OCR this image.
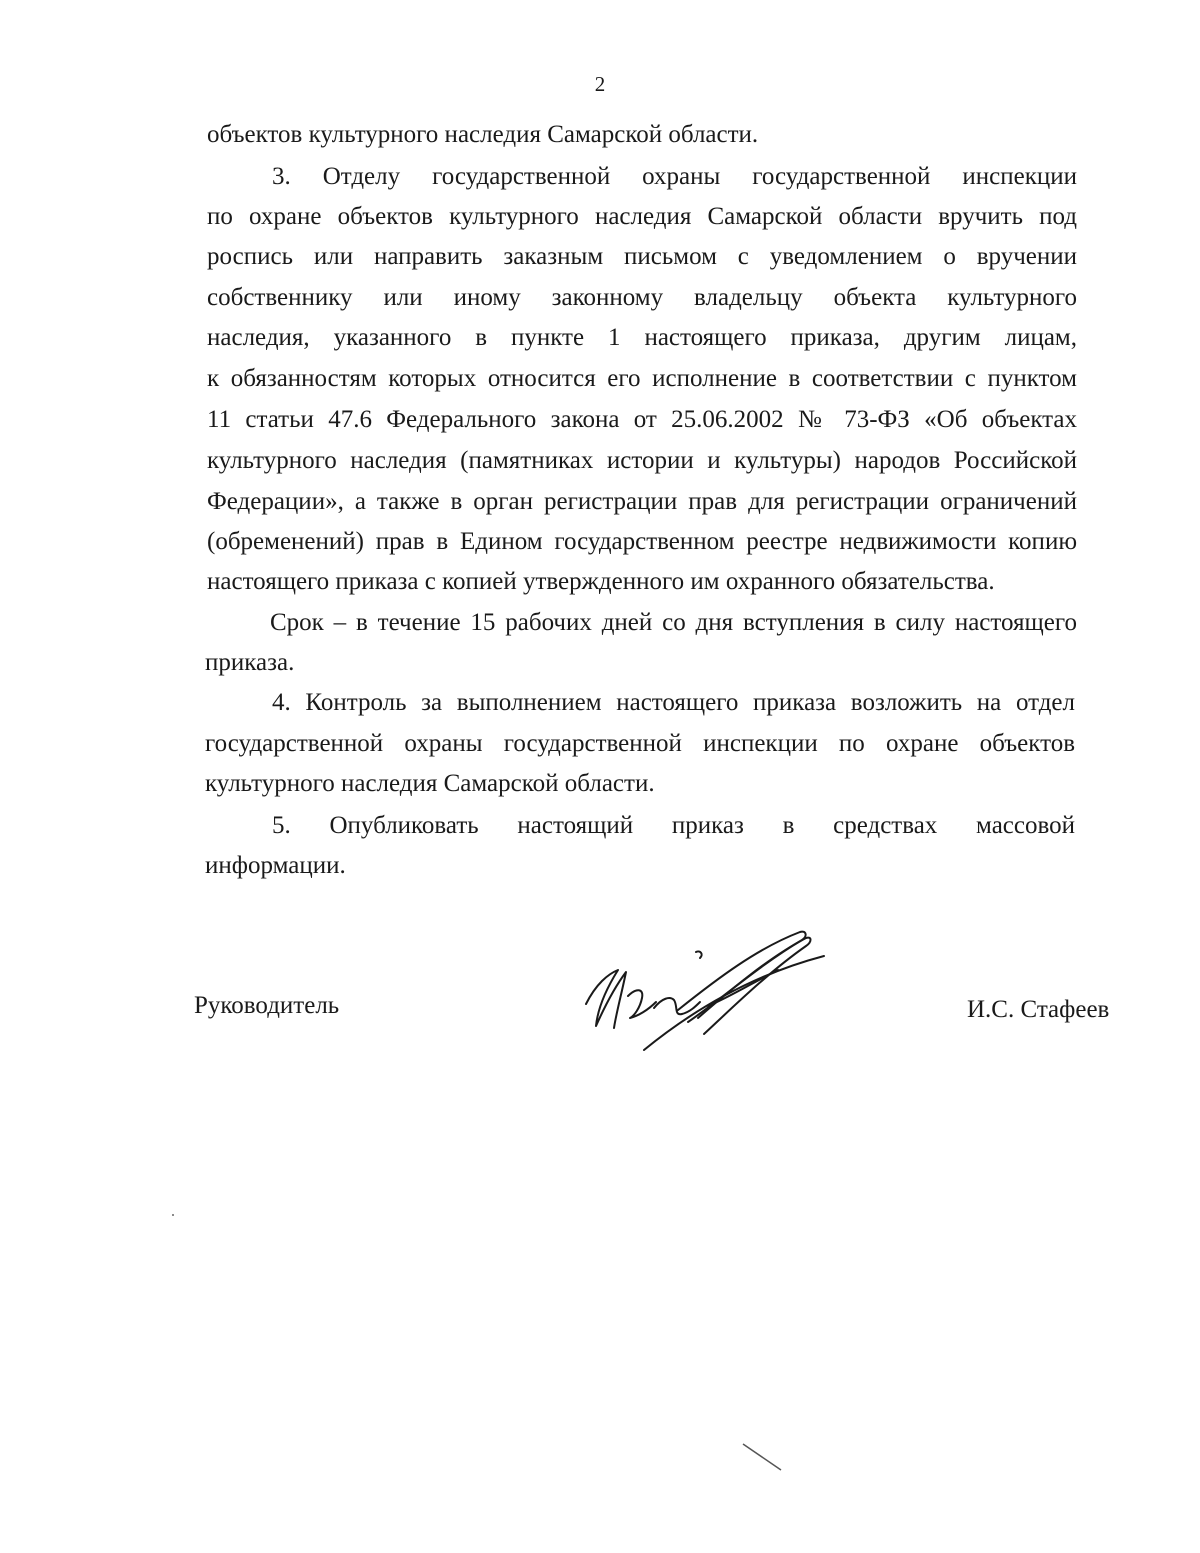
2
объектов культурного наследия Самарской области.
3. Отделу государственной охраны государственной инспекции
по охране объектов культурного наследия Самарской области вручить под
роспись или направить заказным письмом с уведомлением о вручении
собственнику или иному законному владельцу объекта культурного
наследия, указанного в пункте 1 настоящего приказа, другим лицам,
к обязанностям которых относится его исполнение в соответствии с пунктом
11 статьи 47.6 Федерального закона от 25.06.2002 № 73-ФЗ «Об объектах
культурного наследия (памятниках истории и культуры) народов Российской
Федерации», а также в орган регистрации прав для регистрации ограничений
(обременений) прав в Едином государственном реестре недвижимости копию
настоящего приказа с копией утвержденного им охранного обязательства.
Срок – в течение 15 рабочих дней со дня вступления в силу настоящего
приказа.
4. Контроль за выполнением настоящего приказа возложить на отдел
государственной охраны государственной инспекции по охране объектов
культурного наследия Самарской области.
5. Опубликовать настоящий приказ в средствах массовой
информации.
Руководитель	И.С. Стафеев
